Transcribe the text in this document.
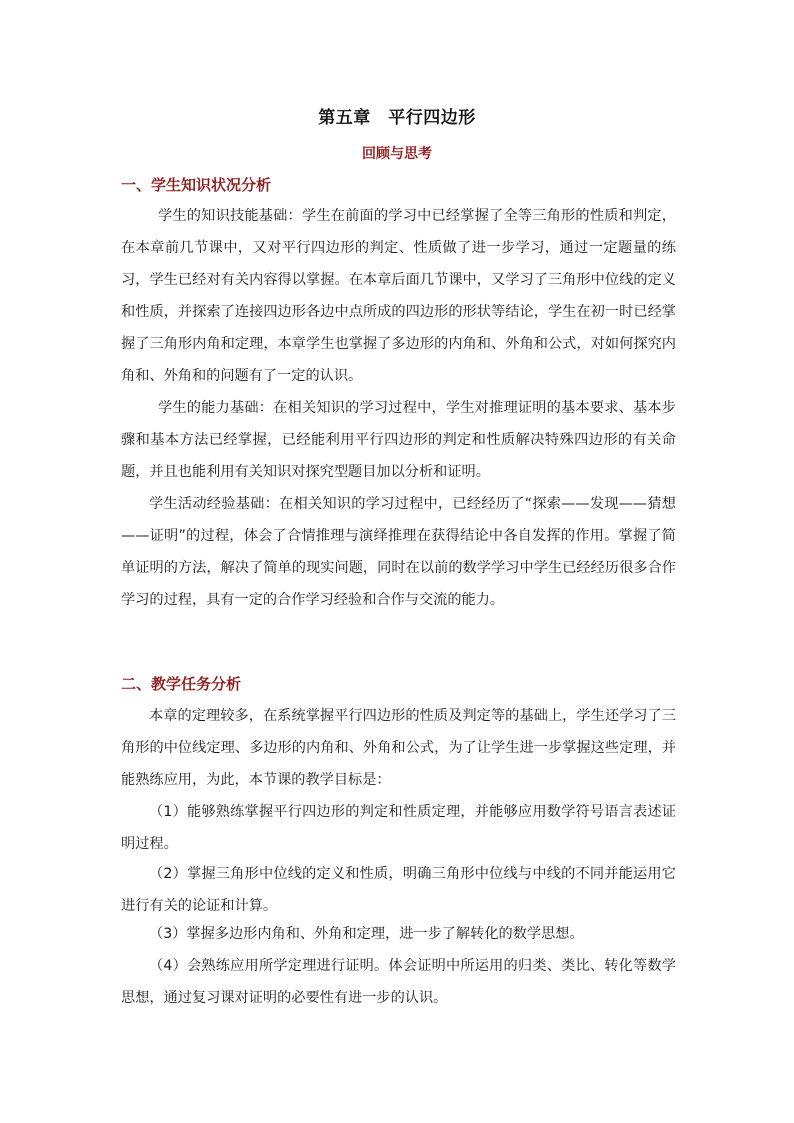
第五章　平行四边形
回顾与思考
一、学生知识状况分析

学生的知识技能基础：学生在前面的学习中已经掌握了全等三角形的性质和判定，在本章前几节课中，又对平行四边形的判定、性质做了进一步学习，通过一定题量的练习，学生已经对有关内容得以掌握。在本章后面几节课中，又学习了三角形中位线的定义和性质，并探索了连接四边形各边中点所成的四边形的形状等结论，学生在初一时已经掌握了三角形内角和定理，本章学生也掌握了多边形的内角和、外角和公式，对如何探究内角和、外角和的问题有了一定的认识。

学生的能力基础：在相关知识的学习过程中，学生对推理证明的基本要求、基本步骤和基本方法已经掌握，已经能利用平行四边形的判定和性质解决特殊四边形的有关命题，并且也能利用有关知识对探究型题目加以分析和证明。

学生活动经验基础：在相关知识的学习过程中，已经经历了“探索——发现——猜想——证明”的过程，体会了合情推理与演绎推理在获得结论中各自发挥的作用。掌握了简单证明的方法，解决了简单的现实问题，同时在以前的数学学习中学生已经经历很多合作学习的过程，具有一定的合作学习经验和合作与交流的能力。

二、教学任务分析

本章的定理较多，在系统掌握平行四边形的性质及判定等的基础上，学生还学习了三角形的中位线定理、多边形的内角和、外角和公式，为了让学生进一步掌握这些定理，并能熟练应用，为此，本节课的教学目标是：

（1）能够熟练掌握平行四边形的判定和性质定理，并能够应用数学符号语言表述证明过程。

（2）掌握三角形中位线的定义和性质，明确三角形中位线与中线的不同并能运用它进行有关的论证和计算。

（3）掌握多边形内角和、外角和定理，进一步了解转化的数学思想。

（4）会熟练应用所学定理进行证明。体会证明中所运用的归类、类比、转化等数学思想，通过复习课对证明的必要性有进一步的认识。
